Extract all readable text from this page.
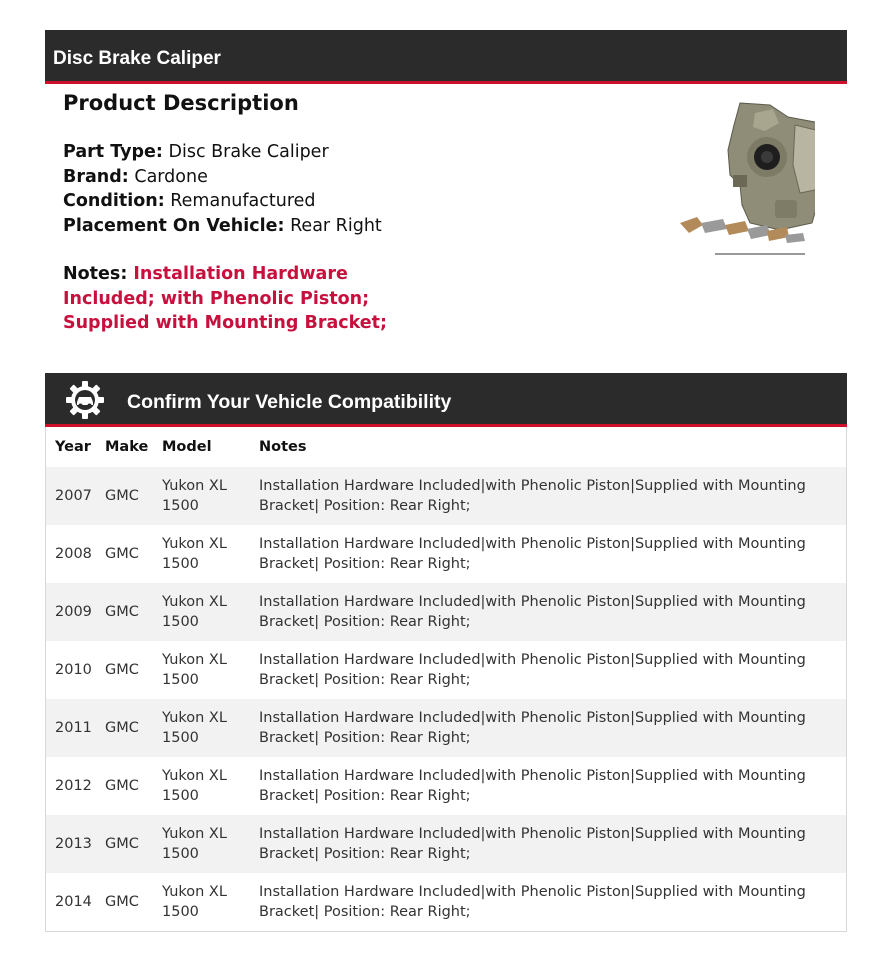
Disc Brake Caliper
Product Description
Part Type: Disc Brake Caliper
Brand: Cardone
Condition: Remanufactured
Placement On Vehicle: Rear Right
Notes: Installation Hardware Included; with Phenolic Piston; Supplied with Mounting Bracket;
Confirm Your Vehicle Compatibility
Year	Make	Model	Notes
2007	GMC	Yukon XL 1500	Installation Hardware Included|with Phenolic Piston|Supplied with Mounting Bracket| Position: Rear Right;
2008	GMC	Yukon XL 1500	Installation Hardware Included|with Phenolic Piston|Supplied with Mounting Bracket| Position: Rear Right;
2009	GMC	Yukon XL 1500	Installation Hardware Included|with Phenolic Piston|Supplied with Mounting Bracket| Position: Rear Right;
2010	GMC	Yukon XL 1500	Installation Hardware Included|with Phenolic Piston|Supplied with Mounting Bracket| Position: Rear Right;
2011	GMC	Yukon XL 1500	Installation Hardware Included|with Phenolic Piston|Supplied with Mounting Bracket| Position: Rear Right;
2012	GMC	Yukon XL 1500	Installation Hardware Included|with Phenolic Piston|Supplied with Mounting Bracket| Position: Rear Right;
2013	GMC	Yukon XL 1500	Installation Hardware Included|with Phenolic Piston|Supplied with Mounting Bracket| Position: Rear Right;
2014	GMC	Yukon XL 1500	Installation Hardware Included|with Phenolic Piston|Supplied with Mounting Bracket| Position: Rear Right;
